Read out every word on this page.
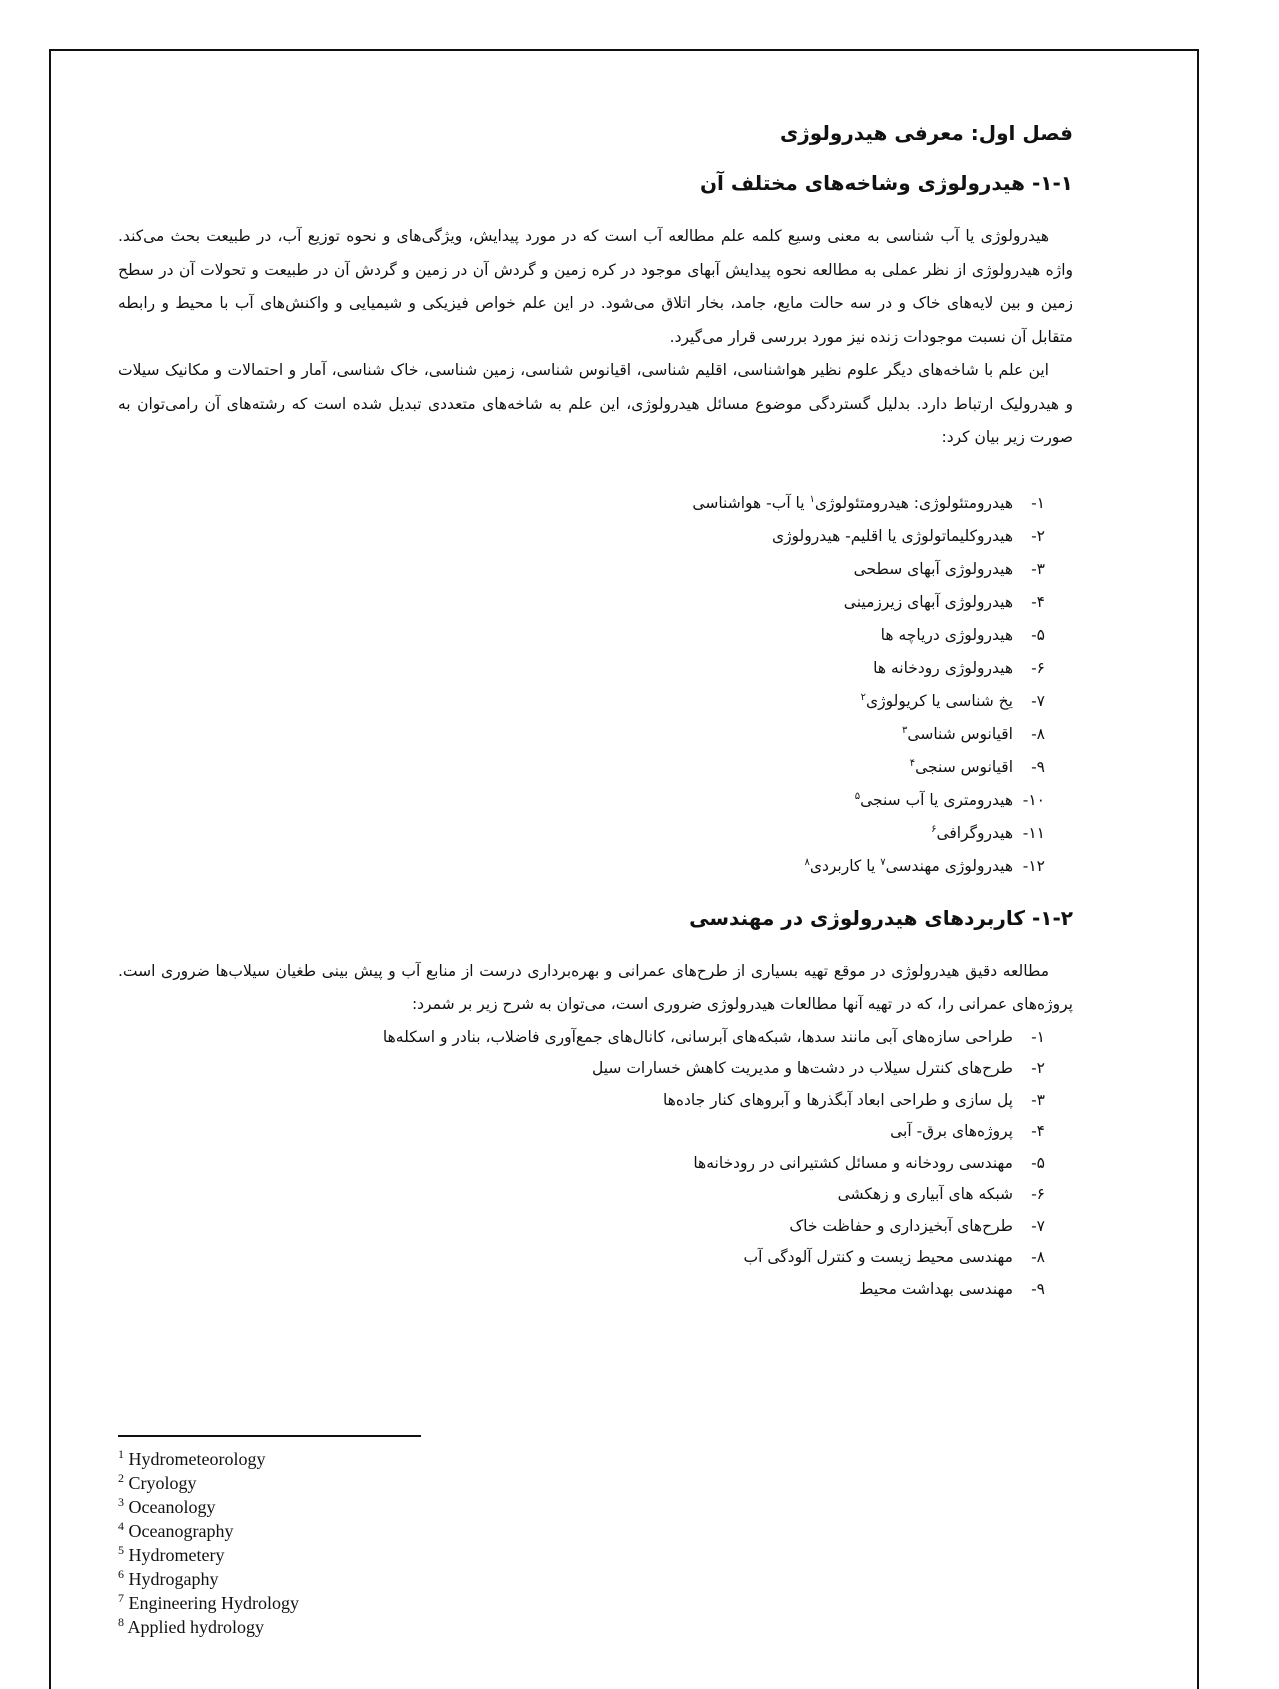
فصل اول: معرفی هیدرولوژی
۱-۱- هیدرولوژی وشاخه‌های مختلف آن

هیدرولوژی یا آب شناسی به معنی وسیع کلمه علم مطالعه آب است که در مورد پیدایش، ویژگی‌های و نحوه توزیع آب، در طبیعت بحث می‌کند. واژه هیدرولوژی از نظر عملی به مطالعه نحوه پیدایش آبهای موجود در کره زمین و گردش آن در زمین و گردش آن در طبیعت و تحولات آن در سطح زمین و بین لایه‌های خاک و در سه حالت مایع، جامد، بخار اتلاق می‌شود. در این علم خواص فیزیکی و شیمیایی و واکنش‌های آب با محیط و رابطه متقابل آن نسبت موجودات زنده نیز مورد بررسی قرار می‌گیرد.

این علم با شاخه‌های دیگر علوم نظیر هواشناسی، اقلیم شناسی، اقیانوس شناسی، زمین شناسی، خاک شناسی، آمار و احتمالات و مکانیک سیلات و هیدرولیک ارتباط دارد. بدلیل گستردگی موضوع مسائل هیدرولوژی، این علم به شاخه‌های متعددی تبدیل شده است که رشته‌های آن رامی‌توان به صورت زیر بیان کرد:

۱-هیدرومتئولوژی: هیدرومتئولوژی$^۱$ یا آب- هواشناسی
۲-هیدروکلیماتولوژی یا اقلیم- هیدرولوژی
۳-هیدرولوژی آبهای سطحی
۴-هیدرولوژی آبهای زیرزمینی
۵-هیدرولوژی دریاچه ها
۶-هیدرولوژی رودخانه ها
۷-یخ شناسی یا کریولوژی$^۲$
۸-اقیانوس شناسی$^۳$
۹-اقیانوس سنجی$^۴$
۱۰-هیدرومتری یا آب سنجی$^۵$
۱۱-هیدروگرافی$^۶$
۱۲-هیدرولوژی مهندسی$^۷$ یا کاربردی$^۸$
۱-۲- کاربردهای هیدرولوژی در مهندسی

مطالعه دقیق هیدرولوژی در موقع تهیه بسیاری از طرح‌های عمرانی و بهره‌برداری درست از منابع آب و پیش بینی طغیان سیلاب‌ها ضروری است. پروژه‌های عمرانی را، که در تهیه آنها مطالعات هیدرولوژی ضروری است، می‌توان به شرح زیر بر شمرد:

۱-طراحی سازه‌های آبی مانند سدها، شبکه‌های آبرسانی، کانال‌های جمع‌آوری فاضلاب، بنادر و اسکله‌ها
۲-طرح‌های کنترل سیلاب در دشت‌ها و مدیریت کاهش خسارات سیل
۳-پل سازی و طراحی ابعاد آبگذرها و آبروهای کنار جاده‌ها
۴-پروژه‌های برق- آبی
۵-مهندسی رودخانه و مسائل کشتیرانی در رودخانه‌ها
۶-شبکه های آبیاری و زهکشی
۷-طرح‌های آبخیزداری و حفاظت خاک
۸-مهندسی محیط زیست و کنترل آلودگی آب
۹-مهندسی بهداشت محیط
$^1$ Hydrometeorology
$^2$ Cryology
$^3$ Oceanology
$^4$ Oceanography
$^5$ Hydrometery
$^6$ Hydrogaphy
$^7$ Engineering Hydrology
$^8$ Applied hydrology
